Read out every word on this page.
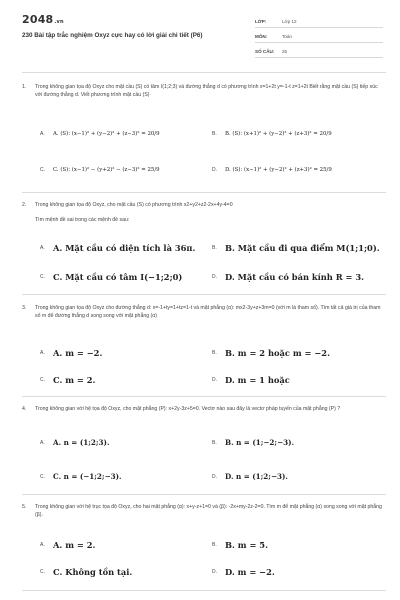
2048.vn
230 Bài tập trắc nghiệm Oxyz cực hay có lời giải chi tiết (P6)
LỚP:	Lớp 12
MÔN:	Toán
SỐ CÂU:	25
1.	Trong không gian tọa độ Oxyz cho mặt cầu (S) có tâm I(1;2;3) và đường thẳng d có phương trình x=1+2t y=-1-t z=1+2t Biết rằng mặt cầu (S) tiếp xúc với đường thẳng d. Viết phương trình mặt cầu (S)
A.	A. (S): (x−1)² + (y−2)² + (z−3)² = 20/9	B.	B. (S): (x+1)² + (y−2)² + (z+3)² = 20/9
C.	C. (S): (x−1)² − (y+2)² − (z−3)² = 25/9	D.	D. (S): (x−1)² + (y−2)² + (z+3)² = 25/9
2.	Trong không gian tọa độ Oxyz, cho mặt cầu (S) có phương trình x2+y2+z2-2x+4y-4=0
Tìm mệnh đề sai trong các mệnh đề sau:
A. A. Mặt cầu có diện tích là 36π.	B. B. Mặt cầu đi qua điểm M(1;1;0).
C. C. Mặt cầu có tâm I(−1;2;0)	D. D. Mặt cầu có bán kính R = 3.
3.	Trong không gian tọa độ Oxyz cho đường thẳng d: x=-1+ty=1+tz=1-t và mặt phẳng (α): mx2-3y+z+3m=0 (với m là tham số). Tìm tất cả giá trị của tham số m để đường thẳng d song song với mặt phẳng (α)
A. A. m = −2.	B. B. m = 2 hoặc m = −2.
C. C. m = 2.	D. D. m = 1 hoặc
4.	Trong không gian với hệ tọa độ Oxyz, cho mặt phẳng (P): x+2y-3z+5=0. Vectơ nào sau đây là vectơ pháp tuyến của mặt phẳng (P) ?
A.	A. n = (1;2;3).	B.	B. n = (1;−2;−3).
C.	C. n = (−1;2;−3).	D.	D. n = (1;2;−3).
5.	Trong không gian với hệ trục tọa độ Oxyz, cho hai mặt phẳng (α): x+y-z+1=0 và (β): -2x+my-2z-2=0. Tìm m để mặt phẳng (α) song song với mặt phẳng (β).
A. A. m = 2.	B. B. m = 5.
C. C. Không tồn tại.	D. D. m = −2.
